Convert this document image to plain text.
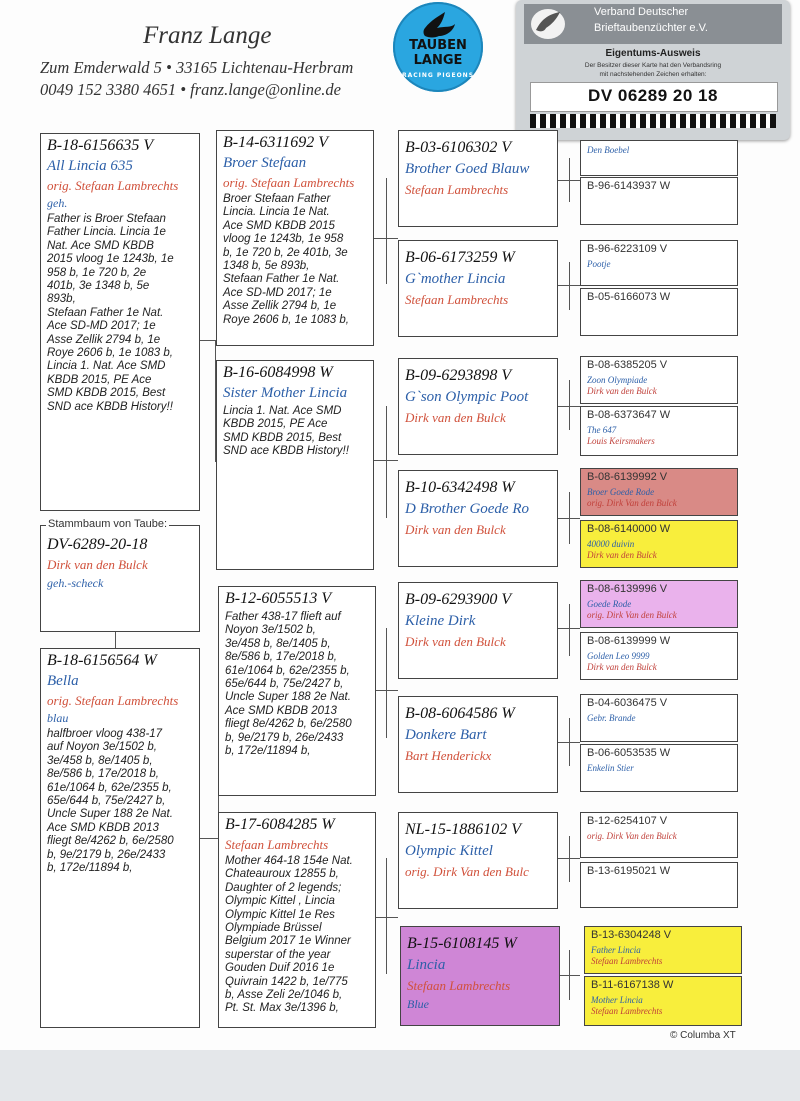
Franz Lange
Zum Emderwald 5 • 33165 Lichtenau-Herbram
0049 152 3380 4651 • franz.lange@online.de
TAUBEN
LANGE
RACING PIGEONS
Verband Deutscher
Brieftaubenzüchter e.V.
Eigentums-Ausweis
Der Besitzer dieser Karte hat den Verbandsring
mit nachstehenden Zeichen erhalten:
DV 06289 20 18
B-18-6156635 V
All Lincia 635
orig. Stefaan Lambrechts
geh.
Father is Broer Stefaan
Father Lincia. Lincia 1e
Nat. Ace SMD KBDB
2015 vloog 1e 1243b, 1e
958 b, 1e 720 b, 2e
401b, 3e 1348 b, 5e
893b,
Stefaan Father 1e Nat.
Ace SD-MD 2017; 1e
Asse Zellik 2794 b, 1e
Roye 2606 b, 1e 1083 b,
Lincia 1. Nat. Ace SMD
KBDB 2015, PE Ace
SMD KBDB 2015, Best
SND ace KBDB History!!
Stammbaum von Taube:
DV-6289-20-18
Dirk van den Bulck
geh.-scheck
B-18-6156564 W
Bella
orig. Stefaan Lambrechts
blau
halfbroer vloog 438-17
auf Noyon 3e/1502 b,
3e/458 b, 8e/1405 b,
8e/586 b, 17e/2018 b,
61e/1064 b, 62e/2355 b,
65e/644 b, 75e/2427 b,
Uncle Super 188 2e Nat.
Ace SMD KBDB 2013
fliegt 8e/4262 b, 6e/2580
b, 9e/2179 b, 26e/2433
b, 172e/11894 b,
B-14-6311692 V
Broer Stefaan
orig. Stefaan Lambrechts
Broer Stefaan Father
Lincia. Lincia 1e Nat.
Ace SMD KBDB 2015
vloog 1e 1243b, 1e 958
b, 1e 720 b, 2e 401b, 3e
1348 b, 5e 893b,
Stefaan Father 1e Nat.
Ace SD-MD 2017; 1e
Asse Zellik 2794 b, 1e
Roye 2606 b, 1e 1083 b,
B-16-6084998 W
Sister Mother Lincia
Lincia 1. Nat. Ace SMD
KBDB 2015, PE Ace
SMD KBDB 2015, Best
SND ace KBDB History!!
B-12-6055513 V
Father 438-17 flieft auf
Noyon 3e/1502 b,
3e/458 b, 8e/1405 b,
8e/586 b, 17e/2018 b,
61e/1064 b, 62e/2355 b,
65e/644 b, 75e/2427 b,
Uncle Super 188 2e Nat.
Ace SMD KBDB 2013
fliegt 8e/4262 b, 6e/2580
b, 9e/2179 b, 26e/2433
b, 172e/11894 b,
B-17-6084285 W
Stefaan Lambrechts
Mother 464-18 154e Nat.
Chateauroux 12855 b,
Daughter of 2 legends;
Olympic Kittel , Lincia
Olympic Kittel 1e Res
Olympiade Brüssel
Belgium 2017 1e Winner
superstar of the year
Gouden Duif 2016 1e
Quivrain 1422 b, 1e/775
b, Asse Zeli 2e/1046 b,
Pt. St. Max 3e/1396 b,
B-03-6106302 V
Brother Goed Blauw
Stefaan Lambrechts
B-06-6173259 W
G`mother Lincia
Stefaan Lambrechts
B-09-6293898 V
G`son Olympic Poot
Dirk van den Bulck
B-10-6342498 W
D Brother Goede Ro
Dirk van den Bulck
B-09-6293900 V
Kleine Dirk
Dirk van den Bulck
B-08-6064586 W
Donkere Bart
Bart Henderickx
NL-15-1886102 V
Olympic Kittel
orig. Dirk Van den Bulc
B-15-6108145 W
Lincia
Stefaan Lambrechts
Blue
Den Boebel
B-96-6143937 W
B-96-6223109 V
Pootje
B-05-6166073 W
B-08-6385205 V
Zoon Olympiade
Dirk van den Bulck
B-08-6373647 W
The 647
Louis Keirsmakers
B-08-6139992 V
Broer Goede Rode
orig. Dirk Van den Bulck
B-08-6140000 W
40000 duivin
Dirk van den Bulck
B-08-6139996 V
Goede Rode
orig. Dirk Van den Bulck
B-08-6139999 W
Golden Leo 9999
Dirk van den Bulck
B-04-6036475 V
Gebr. Brande
B-06-6053535 W
Enkelin Stier
B-12-6254107 V
orig. Dirk Van den Bulck
B-13-6195021 W
B-13-6304248 V
Father Lincia
Stefaan Lambrechts
B-11-6167138 W
Mother Lincia
Stefaan Lambrechts
© Columba XT
